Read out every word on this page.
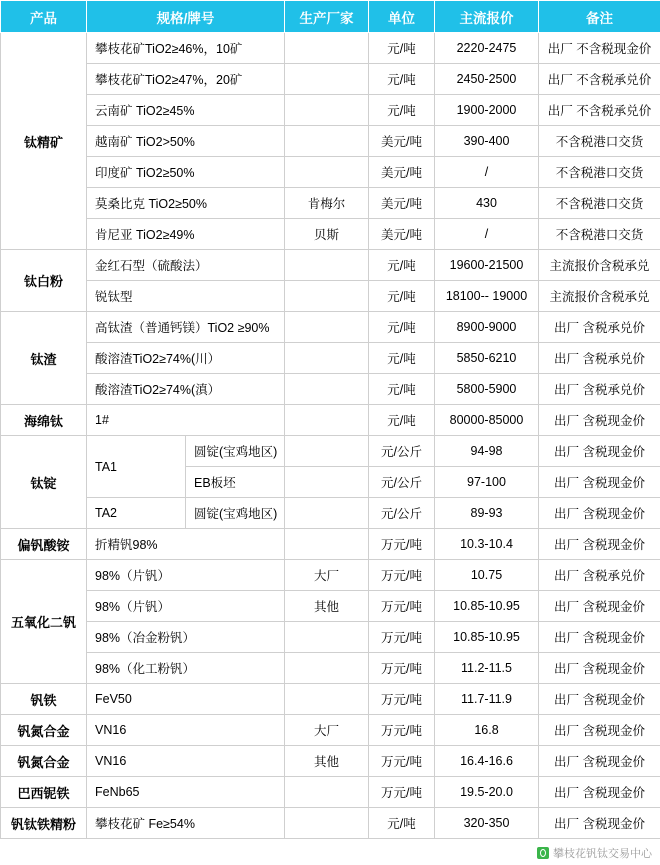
产品	规格/牌号		生产厂家	单位	主流报价	备注
钛精矿	攀枝花矿TiO2≥46%，10矿			元/吨	2220-2475	出厂 不含税现金价
	攀枝花矿TiO2≥47%，20矿			元/吨	2450-2500	出厂 不含税承兑价
	云南矿 TiO2≥45%			元/吨	1900-2000	出厂 不含税承兑价
	越南矿 TiO2>50%			美元/吨	390-400	不含税港口交货
	印度矿 TiO2≥50%			美元/吨	/	不含税港口交货
	莫桑比克 TiO2≥50%		肯梅尔	美元/吨	430	不含税港口交货
	肯尼亚 TiO2≥49%		贝斯	美元/吨	/	不含税港口交货
钛白粉	金红石型（硫酸法）			元/吨	19600-21500	主流报价含税承兑
	锐钛型			元/吨	18100-- 19000	主流报价含税承兑
钛渣	高钛渣（普通钙镁）TiO2 ≥90%			元/吨	8900-9000	出厂 含税承兑价
	酸溶渣TiO2≥74%(川）			元/吨	5850-6210	出厂 含税承兑价
	酸溶渣TiO2≥74%(滇）			元/吨	5800-5900	出厂 含税承兑价
海绵钛	1#			元/吨	80000-85000	出厂 含税现金价
钛锭	TA1	圆锭(宝鸡地区)		元/公斤	94-98	出厂 含税现金价
		EB板坯		元/公斤	97-100	出厂 含税现金价
	TA2	圆锭(宝鸡地区)		元/公斤	89-93	出厂 含税现金价
偏钒酸铵	折精钒98%			万元/吨	10.3-10.4	出厂 含税现金价
五氧化二钒	98%（片钒）		大厂	万元/吨	10.75	出厂 含税承兑价
	98%（片钒）		其他	万元/吨	10.85-10.95	出厂 含税现金价
	98%（冶金粉钒）			万元/吨	10.85-10.95	出厂 含税现金价
	98%（化工粉钒）			万元/吨	11.2-11.5	出厂 含税现金价
钒铁	FeV50			万元/吨	11.7-11.9	出厂 含税现金价
钒氮合金	VN16		大厂	万元/吨	16.8	出厂 含税现金价
钒氮合金	VN16		其他	万元/吨	16.4-16.6	出厂 含税现金价
巴西铌铁	FeNb65			万元/吨	19.5-20.0	出厂 含税现金价
钒钛铁精粉	攀枝花矿 Fe≥54%			元/吨	320-350	出厂 含税现金价
攀枝花钒钛交易中心
